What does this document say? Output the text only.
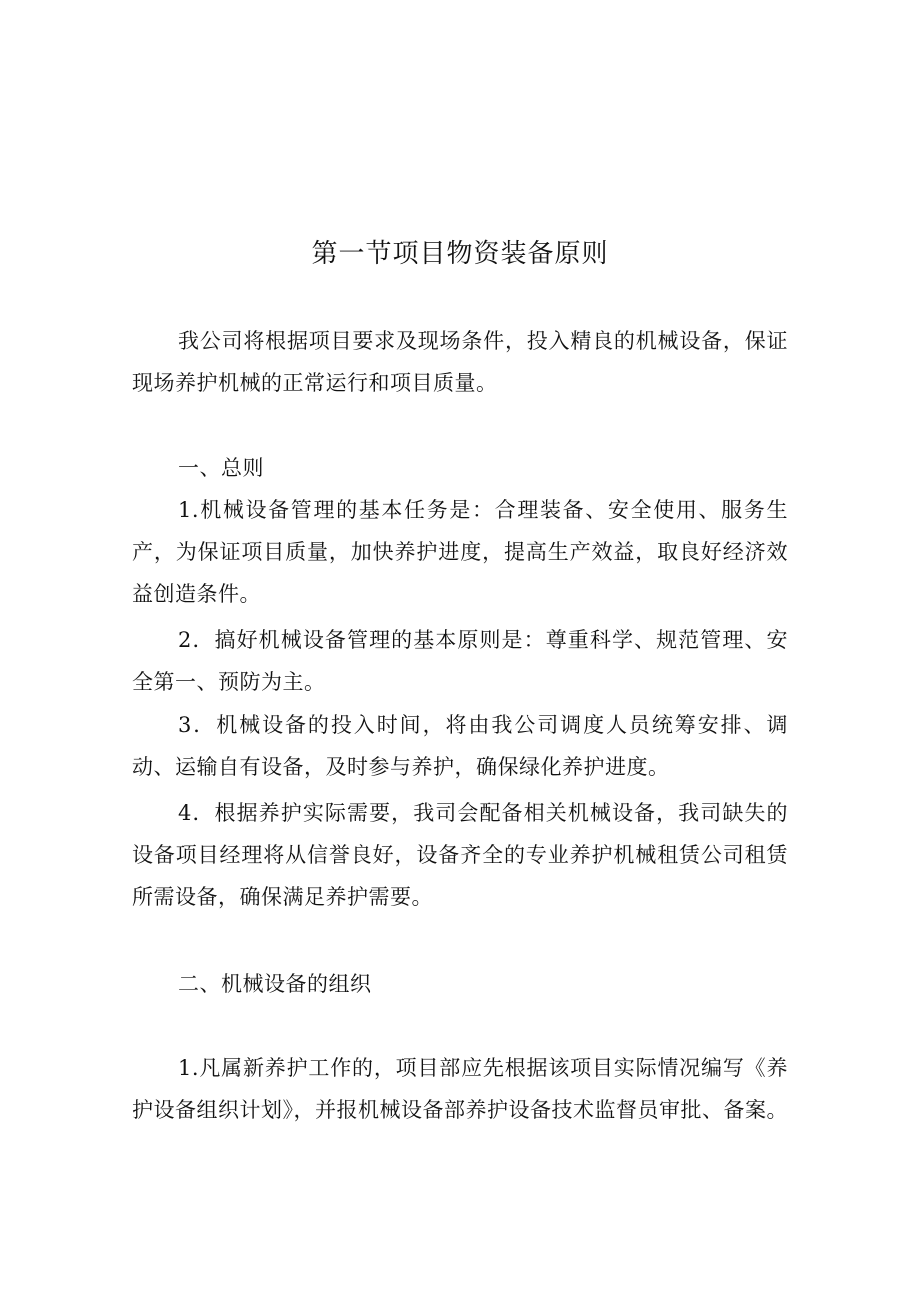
第一节项目物资装备原则

我公司将根据项目要求及现场条件，投入精良的机械设备，保证现场养护机械的正常运行和项目质量。

一、总则

1.机械设备管理的基本任务是：合理装备、安全使用、服务生产，为保证项目质量，加快养护进度，提高生产效益，取良好经济效益创造条件。

2．搞好机械设备管理的基本原则是：尊重科学、规范管理、安全第一、预防为主。

3．机械设备的投入时间，将由我公司调度人员统筹安排、调动、运输自有设备，及时参与养护，确保绿化养护进度。

4．根据养护实际需要，我司会配备相关机械设备，我司缺失的设备项目经理将从信誉良好，设备齐全的专业养护机械租赁公司租赁所需设备，确保满足养护需要。

二、机械设备的组织

1.凡属新养护工作的，项目部应先根据该项目实际情况编写《养护设备组织计划》，并报机械设备部养护设备技术监督员审批、备案。
